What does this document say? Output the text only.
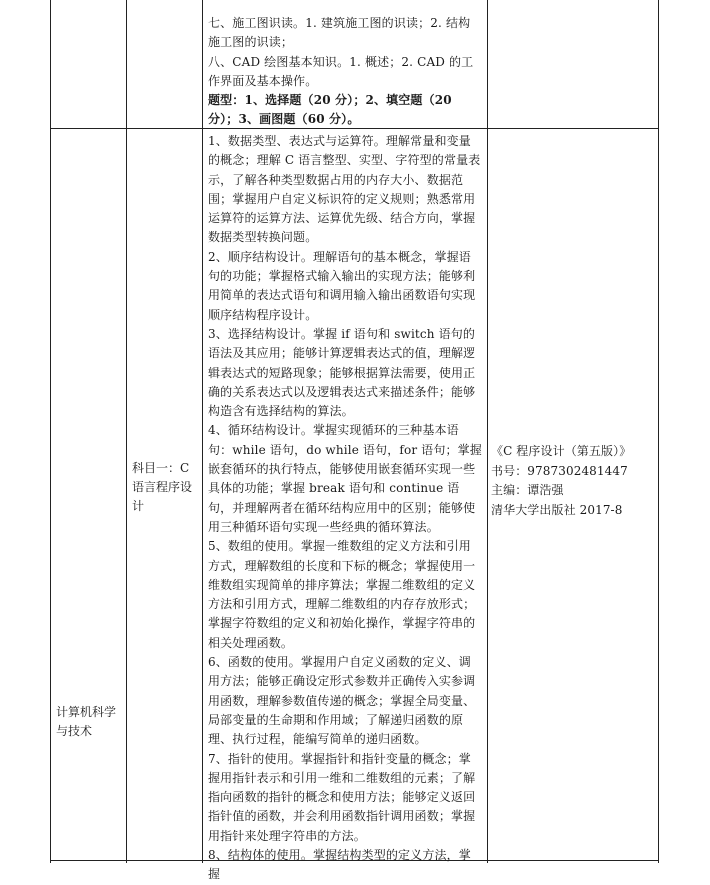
七、施工图识读。1. 建筑施工图的识读；2. 结构施工图的识读；

八、CAD 绘图基本知识。1. 概述；2. CAD 的工作界面及基本操作。

题型：1、选择题（20 分）；2、填空题（20 分）；3、画图题（60 分）。

计算机科学与技术
科目一：C 语言程序设计

1、数据类型、表达式与运算符。理解常量和变量的概念；理解 C 语言整型、实型、字符型的常量表示，了解各种类型数据占用的内存大小、数据范围；掌握用户自定义标识符的定义规则；熟悉常用运算符的运算方法、运算优先级、结合方向，掌握数据类型转换问题。

2、顺序结构设计。理解语句的基本概念，掌握语句的功能；掌握格式输入输出的实现方法；能够利用简单的表达式语句和调用输入输出函数语句实现顺序结构程序设计。

3、选择结构设计。掌握 if 语句和 switch 语句的语法及其应用；能够计算逻辑表达式的值，理解逻辑表达式的短路现象；能够根据算法需要，使用正确的关系表达式以及逻辑表达式来描述条件；能够构造含有选择结构的算法。

4、循环结构设计。掌握实现循环的三种基本语句：while 语句，do while 语句，for 语句；掌握嵌套循环的执行特点，能够使用嵌套循环实现一些具体的功能；掌握 break 语句和 continue 语句，并理解两者在循环结构应用中的区别；能够使用三种循环语句实现一些经典的循环算法。

5、数组的使用。掌握一维数组的定义方法和引用方式，理解数组的长度和下标的概念；掌握使用一维数组实现简单的排序算法；掌握二维数组的定义方法和引用方式，理解二维数组的内存存放形式；掌握字符数组的定义和初始化操作，掌握字符串的相关处理函数。

6、函数的使用。掌握用户自定义函数的定义、调用方法；能够正确设定形式参数并正确传入实参调用函数，理解参数值传递的概念；掌握全局变量、局部变量的生命期和作用域；了解递归函数的原理、执行过程，能编写简单的递归函数。

7、指针的使用。掌握指针和指针变量的概念；掌握用指针表示和引用一维和二维数组的元素；了解指向函数的指针的概念和使用方法；能够定义返回指针值的函数，并会利用函数指针调用函数；掌握用指针来处理字符串的方法。

8、结构体的使用。掌握结构类型的定义方法，掌握

《C 程序设计（第五版）》
书号：9787302481447
主编：谭浩强
清华大学出版社 2017-8
